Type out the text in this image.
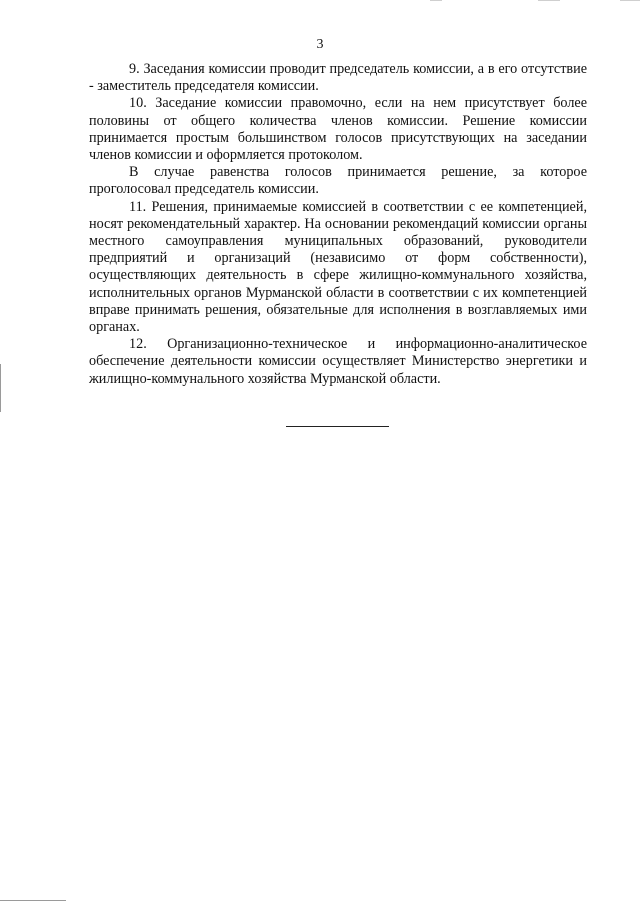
3

9. Заседания комиссии проводит председатель комиссии, а в его отсутствие - заместитель председателя комиссии.

10. Заседание комиссии правомочно, если на нем присутствует более половины от общего количества членов комиссии. Решение комиссии принимается простым большинством голосов присутствующих на заседании членов комиссии и оформляется протоколом.

В случае равенства голосов принимается решение, за которое проголосовал председатель комиссии.

11. Решения, принимаемые комиссией в соответствии с ее компетенцией, носят рекомендательный характер. На основании рекомендаций комиссии органы местного самоуправления муниципальных образований, руководители предприятий и организаций (независимо от форм собственности), осуществляющих деятельность в сфере жилищно-коммунального хозяйства, исполнительных органов Мурманской области в соответствии с их компетенцией вправе принимать решения, обязательные для исполнения в возглавляемых ими органах.

12. Организационно-техническое и информационно-аналитическое обеспечение деятельности комиссии осуществляет Министерство энергетики и жилищно-коммунального хозяйства Мурманской области.
